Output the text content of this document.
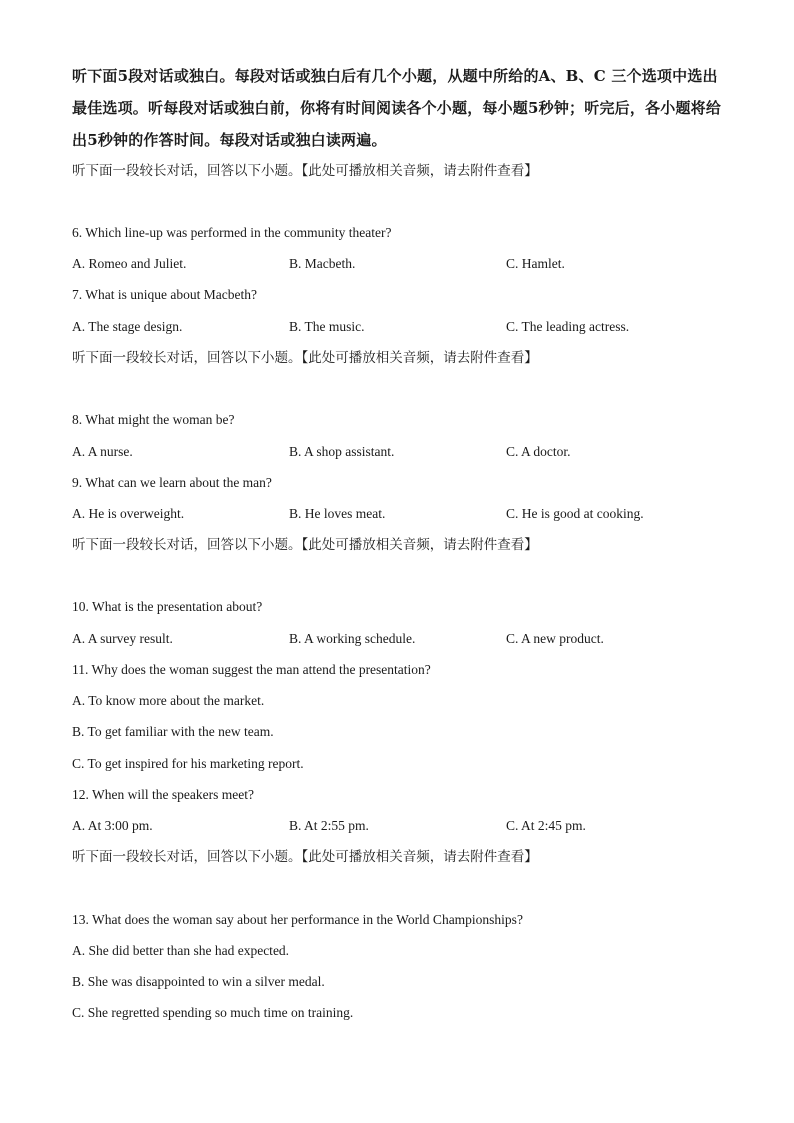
听下面5段对话或独白。每段对话或独白后有几个小题，从题中所给的A、B、C 三个选项中选出最佳选项。听每段对话或独白前，你将有时间阅读各个小题，每小题5秒钟；听完后，各小题将给出5秒钟的作答时间。每段对话或独白读两遍。
听下面一段较长对话，回答以下小题。【此处可播放相关音频，请去附件查看】
6. Which line-up was performed in the community theater?
A. Romeo and Juliet.	B. Macbeth.	C. Hamlet.
7. What is unique about Macbeth?
A. The stage design.	B. The music.	C. The leading actress.
听下面一段较长对话，回答以下小题。【此处可播放相关音频，请去附件查看】
8. What might the woman be?
A. A nurse.	B. A shop assistant.	C. A doctor.
9. What can we learn about the man?
A. He is overweight.	B. He loves meat.	C. He is good at cooking.
听下面一段较长对话，回答以下小题。【此处可播放相关音频，请去附件查看】
10. What is the presentation about?
A. A survey result.	B. A working schedule.	C. A new product.
11. Why does the woman suggest the man attend the presentation?
A. To know more about the market.
B. To get familiar with the new team.
C. To get inspired for his marketing report.
12. When will the speakers meet?
A. At 3:00 pm.	B. At 2:55 pm.	C. At 2:45 pm.
听下面一段较长对话，回答以下小题。【此处可播放相关音频，请去附件查看】
13. What does the woman say about her performance in the World Championships?
A. She did better than she had expected.
B. She was disappointed to win a silver medal.
C. She regretted spending so much time on training.
